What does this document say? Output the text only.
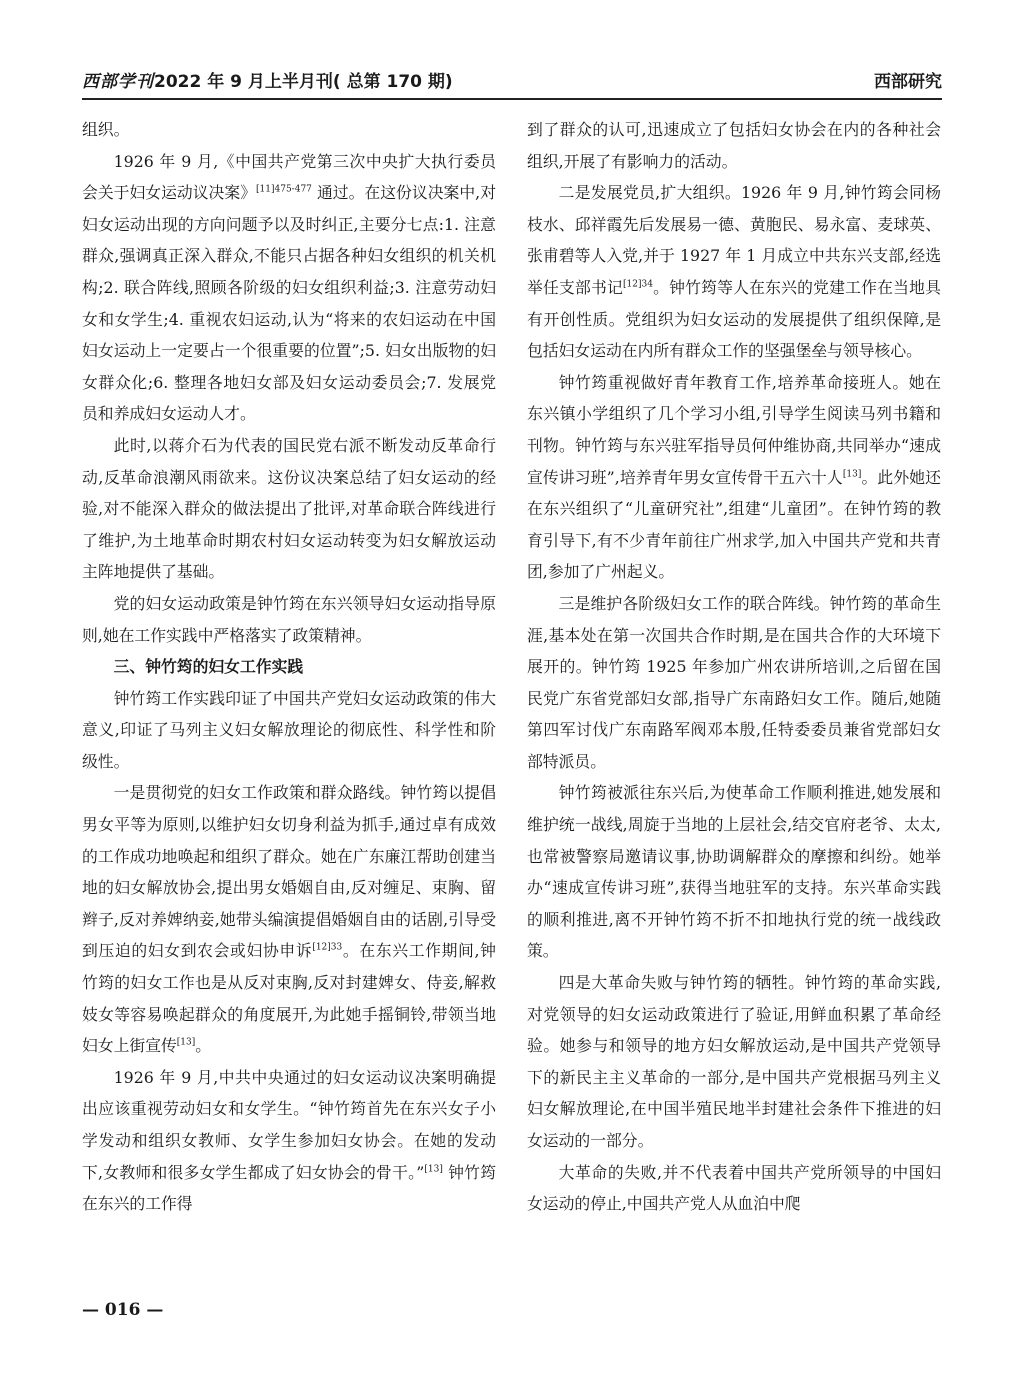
西部学刊2022 年 9 月上半月刊( 总第 170 期)	西部研究

组织。

1926 年 9 月,《中国共产党第三次中央扩大执行委员会关于妇女运动议决案》$^{[11]475-477}$ 通过。在这份议决案中,对妇女运动出现的方向问题予以及时纠正,主要分七点:1. 注意群众,强调真正深入群众,不能只占据各种妇女组织的机关机构;2. 联合阵线,照顾各阶级的妇女组织利益;3. 注意劳动妇女和女学生;4. 重视农妇运动,认为“将来的农妇运动在中国妇女运动上一定要占一个很重要的位置”;5. 妇女出版物的妇女群众化;6. 整理各地妇女部及妇女运动委员会;7. 发展党员和养成妇女运动人才。

此时,以蒋介石为代表的国民党右派不断发动反革命行动,反革命浪潮风雨欲来。这份议决案总结了妇女运动的经验,对不能深入群众的做法提出了批评,对革命联合阵线进行了维护,为土地革命时期农村妇女运动转变为妇女解放运动主阵地提供了基础。

党的妇女运动政策是钟竹筠在东兴领导妇女运动指导原则,她在工作实践中严格落实了政策精神。

三、钟竹筠的妇女工作实践

钟竹筠工作实践印证了中国共产党妇女运动政策的伟大意义,印证了马列主义妇女解放理论的彻底性、科学性和阶级性。

一是贯彻党的妇女工作政策和群众路线。钟竹筠以提倡男女平等为原则,以维护妇女切身利益为抓手,通过卓有成效的工作成功地唤起和组织了群众。她在广东廉江帮助创建当地的妇女解放协会,提出男女婚姻自由,反对缠足、束胸、留辫子,反对养婢纳妾,她带头编演提倡婚姻自由的话剧,引导受到压迫的妇女到农会或妇协申诉$^{[12]33}$。在东兴工作期间,钟竹筠的妇女工作也是从反对束胸,反对封建婢女、侍妾,解救妓女等容易唤起群众的角度展开,为此她手摇铜铃,带领当地妇女上街宣传[13]。

1926 年 9 月,中共中央通过的妇女运动议决案明确提出应该重视劳动妇女和女学生。“钟竹筠首先在东兴女子小学发动和组织女教师、女学生参加妇女协会。在她的发动下,女教师和很多女学生都成了妇女协会的骨干。”[13] 钟竹筠在东兴的工作得

到了群众的认可,迅速成立了包括妇女协会在内的各种社会组织,开展了有影响力的活动。

二是发展党员,扩大组织。1926 年 9 月,钟竹筠会同杨枝水、邱祥霞先后发展易一德、黄胞民、易永富、麦球英、张甫碧等人入党,并于 1927 年 1 月成立中共东兴支部,经选举任支部书记$^{[12]34}$。钟竹筠等人在东兴的党建工作在当地具有开创性质。党组织为妇女运动的发展提供了组织保障,是包括妇女运动在内所有群众工作的坚强堡垒与领导核心。

钟竹筠重视做好青年教育工作,培养革命接班人。她在东兴镇小学组织了几个学习小组,引导学生阅读马列书籍和刊物。钟竹筠与东兴驻军指导员何仲维协商,共同举办“速成宣传讲习班”,培养青年男女宣传骨干五六十人[13]。此外她还在东兴组织了“儿童研究社”,组建“儿童团”。在钟竹筠的教育引导下,有不少青年前往广州求学,加入中国共产党和共青团,参加了广州起义。

三是维护各阶级妇女工作的联合阵线。钟竹筠的革命生涯,基本处在第一次国共合作时期,是在国共合作的大环境下展开的。钟竹筠 1925 年参加广州农讲所培训,之后留在国民党广东省党部妇女部,指导广东南路妇女工作。随后,她随第四军讨伐广东南路军阀邓本殷,任特委委员兼省党部妇女部特派员。

钟竹筠被派往东兴后,为使革命工作顺利推进,她发展和维护统一战线,周旋于当地的上层社会,结交官府老爷、太太,也常被警察局邀请议事,协助调解群众的摩擦和纠纷。她举办“速成宣传讲习班”,获得当地驻军的支持。东兴革命实践的顺利推进,离不开钟竹筠不折不扣地执行党的统一战线政策。

四是大革命失败与钟竹筠的牺牲。钟竹筠的革命实践,对党领导的妇女运动政策进行了验证,用鲜血积累了革命经验。她参与和领导的地方妇女解放运动,是中国共产党领导下的新民主主义革命的一部分,是中国共产党根据马列主义妇女解放理论,在中国半殖民地半封建社会条件下推进的妇女运动的一部分。

大革命的失败,并不代表着中国共产党所领导的中国妇女运动的停止,中国共产党人从血泊中爬

— 016 —
